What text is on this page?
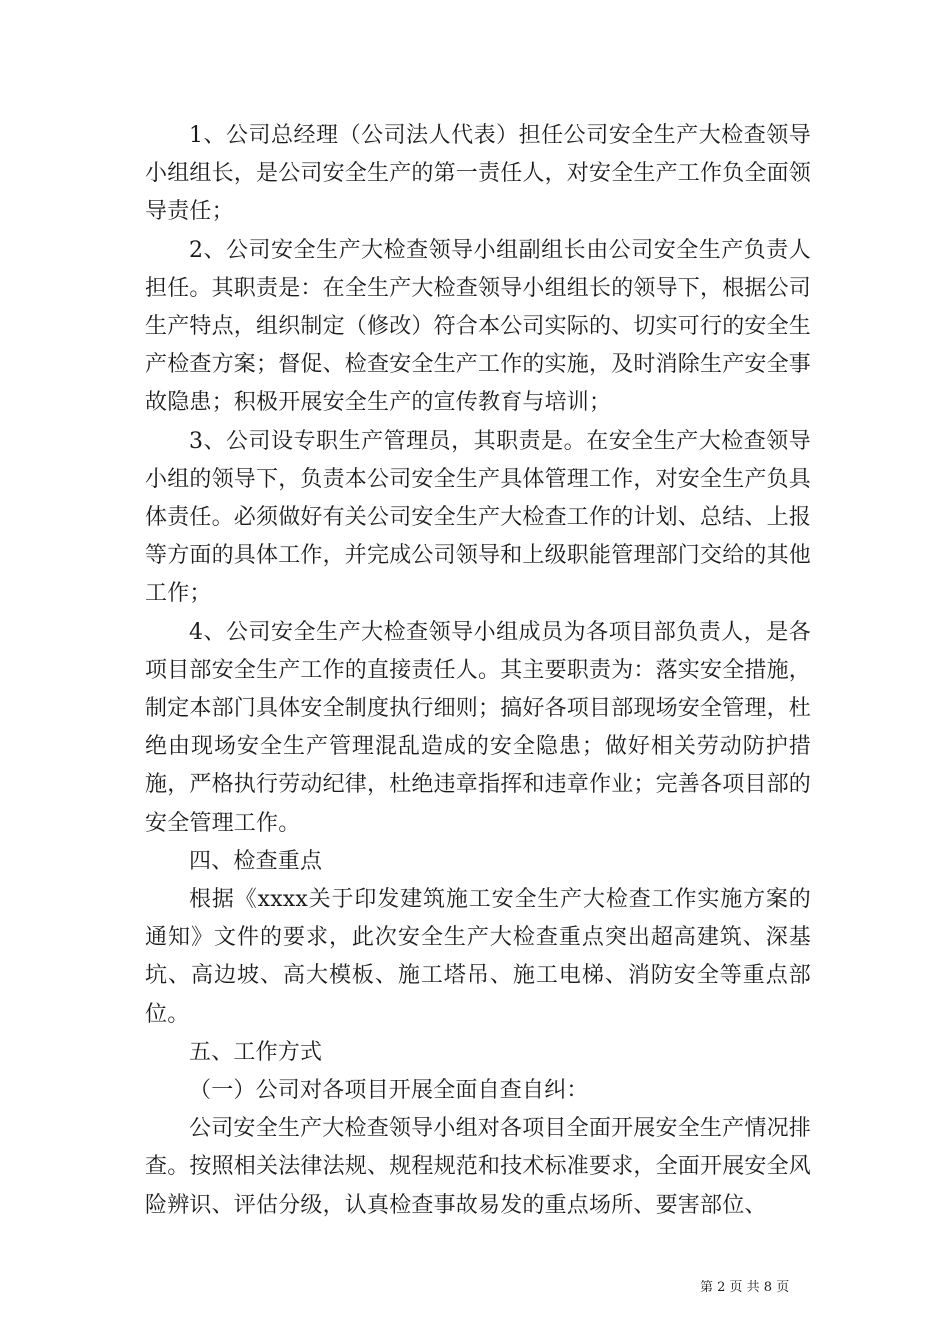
1、公司总经理（公司法人代表）担任公司安全生产大检查领导小组组长，是公司安全生产的第一责任人，对安全生产工作负全面领导责任；

2、公司安全生产大检查领导小组副组长由公司安全生产负责人担任。其职责是：在全生产大检查领导小组组长的领导下，根据公司生产特点，组织制定（修改）符合本公司实际的、切实可行的安全生产检查方案；督促、检查安全生产工作的实施，及时消除生产安全事故隐患；积极开展安全生产的宣传教育与培训；

3、公司设专职生产管理员，其职责是。在安全生产大检查领导小组的领导下，负责本公司安全生产具体管理工作，对安全生产负具体责任。必须做好有关公司安全生产大检查工作的计划、总结、上报等方面的具体工作，并完成公司领导和上级职能管理部门交给的其他工作；

4、公司安全生产大检查领导小组成员为各项目部负责人，是各项目部安全生产工作的直接责任人。其主要职责为：落实安全措施，制定本部门具体安全制度执行细则；搞好各项目部现场安全管理，杜绝由现场安全生产管理混乱造成的安全隐患；做好相关劳动防护措施，严格执行劳动纪律，杜绝违章指挥和违章作业；完善各项目部的安全管理工作。

四、检查重点

根据《xxxx关于印发建筑施工安全生产大检查工作实施方案的通知》文件的要求，此次安全生产大检查重点突出超高建筑、深基坑、高边坡、高大模板、施工塔吊、施工电梯、消防安全等重点部位。

五、工作方式

（一）公司对各项目开展全面自查自纠：

公司安全生产大检查领导小组对各项目全面开展安全生产情况排查。按照相关法律法规、规程规范和技术标准要求，全面开展安全风险辨识、评估分级，认真检查事故易发的重点场所、要害部位、

第 2 页 共 8 页
